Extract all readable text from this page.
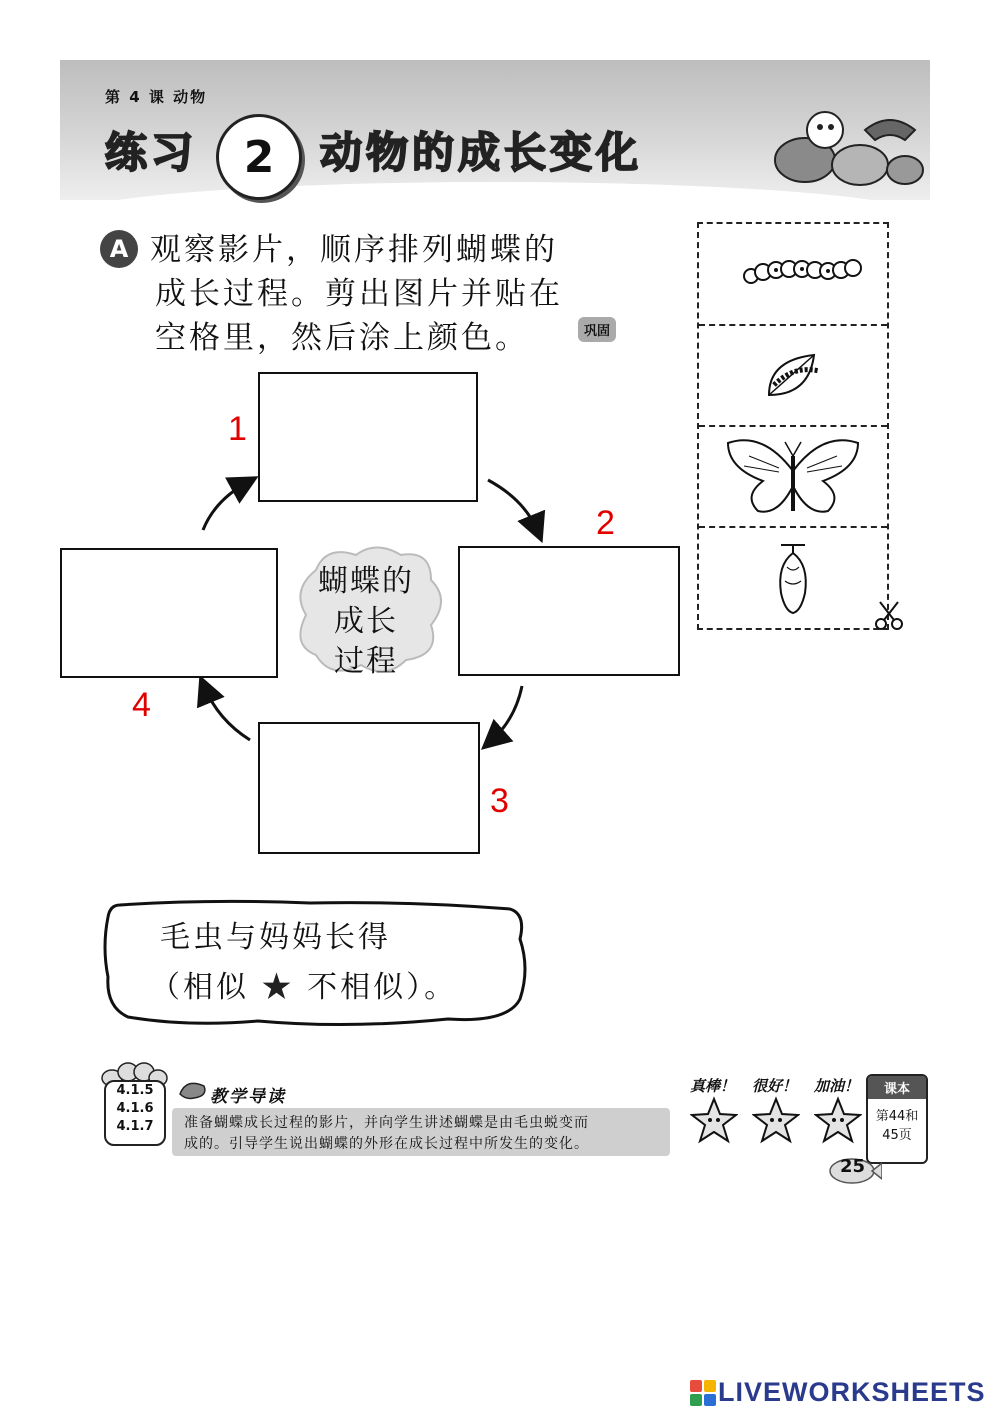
第 4 课 动物
练习	2	动物的成长变化
A 观察影片，顺序排列蝴蝶的
成长过程。剪出图片并贴在
空格里，然后涂上颜色。	巩固
1
2
3
4
蝴蝶的
成长
过程
毛虫与妈妈长得
（相似 ★ 不相似）。
4.1.5
4.1.6
4.1.7
教学导读
准备蝴蝶成长过程的影片，并向学生讲述蝴蝶是由毛虫蜕变而
成的。引导学生说出蝴蝶的外形在成长过程中所发生的变化。
真棒！ 很好！ 加油！	课本
第44和
45页
25
LIVEWORKSHEETS
